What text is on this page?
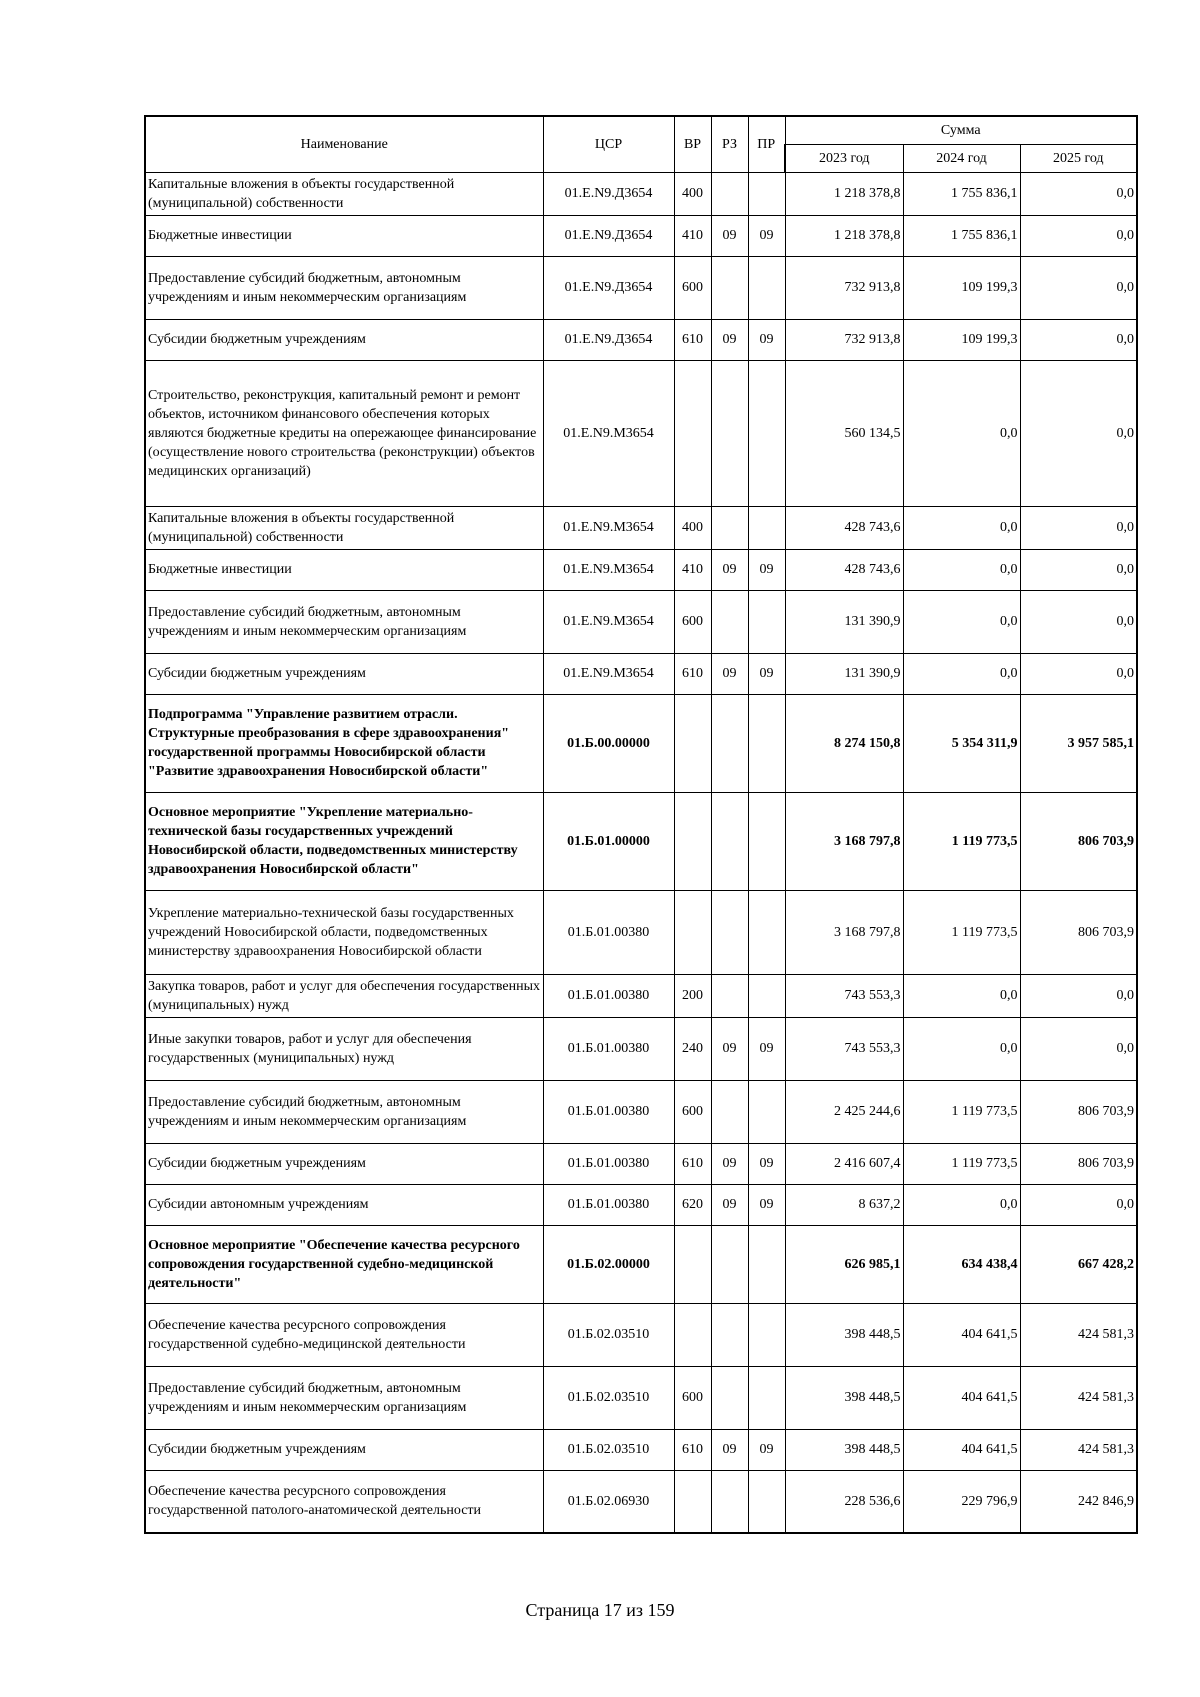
Наименование	ЦСР	ВР	РЗ	ПР	Сумма		
					2023 год	2024 год	2025 год
Капитальные вложения в объекты государственной (муниципальной) собственности	01.Е.N9.Д3654	400			1 218 378,8	1 755 836,1	0,0
Бюджетные инвестиции	01.Е.N9.Д3654	410	09	09	1 218 378,8	1 755 836,1	0,0
Предоставление субсидий бюджетным, автономным учреждениям и иным некоммерческим организациям	01.Е.N9.Д3654	600			732 913,8	109 199,3	0,0
Субсидии бюджетным учреждениям	01.Е.N9.Д3654	610	09	09	732 913,8	109 199,3	0,0
Строительство, реконструкция, капитальный ремонт и ремонт объектов, источником финансового обеспечения которых являются бюджетные кредиты на опережающее финансирование (осуществление нового строительства (реконструкции) объектов медицинских организаций)	01.Е.N9.М3654				560 134,5	0,0	0,0
Капитальные вложения в объекты государственной (муниципальной) собственности	01.Е.N9.М3654	400			428 743,6	0,0	0,0
Бюджетные инвестиции	01.Е.N9.М3654	410	09	09	428 743,6	0,0	0,0
Предоставление субсидий бюджетным, автономным учреждениям и иным некоммерческим организациям	01.Е.N9.М3654	600			131 390,9	0,0	0,0
Субсидии бюджетным учреждениям	01.Е.N9.М3654	610	09	09	131 390,9	0,0	0,0
Подпрограмма "Управление развитием отрасли. Структурные преобразования в сфере здравоохранения" государственной программы Новосибирской области "Развитие здравоохранения Новосибирской области"	01.Б.00.00000				8 274 150,8	5 354 311,9	3 957 585,1
Основное мероприятие "Укрепление материально-технической базы государственных учреждений Новосибирской области, подведомственных министерству здравоохранения Новосибирской области"	01.Б.01.00000				3 168 797,8	1 119 773,5	806 703,9
Укрепление материально-технической базы государственных учреждений Новосибирской области, подведомственных министерству здравоохранения Новосибирской области	01.Б.01.00380				3 168 797,8	1 119 773,5	806 703,9
Закупка товаров, работ и услуг для обеспечения государственных (муниципальных) нужд	01.Б.01.00380	200			743 553,3	0,0	0,0
Иные закупки товаров, работ и услуг для обеспечения государственных (муниципальных) нужд	01.Б.01.00380	240	09	09	743 553,3	0,0	0,0
Предоставление субсидий бюджетным, автономным учреждениям и иным некоммерческим организациям	01.Б.01.00380	600			2 425 244,6	1 119 773,5	806 703,9
Субсидии бюджетным учреждениям	01.Б.01.00380	610	09	09	2 416 607,4	1 119 773,5	806 703,9
Субсидии автономным учреждениям	01.Б.01.00380	620	09	09	8 637,2	0,0	0,0
Основное мероприятие "Обеспечение качества ресурсного сопровождения государственной судебно-медицинской деятельности"	01.Б.02.00000				626 985,1	634 438,4	667 428,2
Обеспечение качества ресурсного сопровождения государственной судебно-медицинской деятельности	01.Б.02.03510				398 448,5	404 641,5	424 581,3
Предоставление субсидий бюджетным, автономным учреждениям и иным некоммерческим организациям	01.Б.02.03510	600			398 448,5	404 641,5	424 581,3
Субсидии бюджетным учреждениям	01.Б.02.03510	610	09	09	398 448,5	404 641,5	424 581,3
Обеспечение качества ресурсного сопровождения государственной патолого-анатомической деятельности	01.Б.02.06930				228 536,6	229 796,9	242 846,9
Страница 17 из 159
